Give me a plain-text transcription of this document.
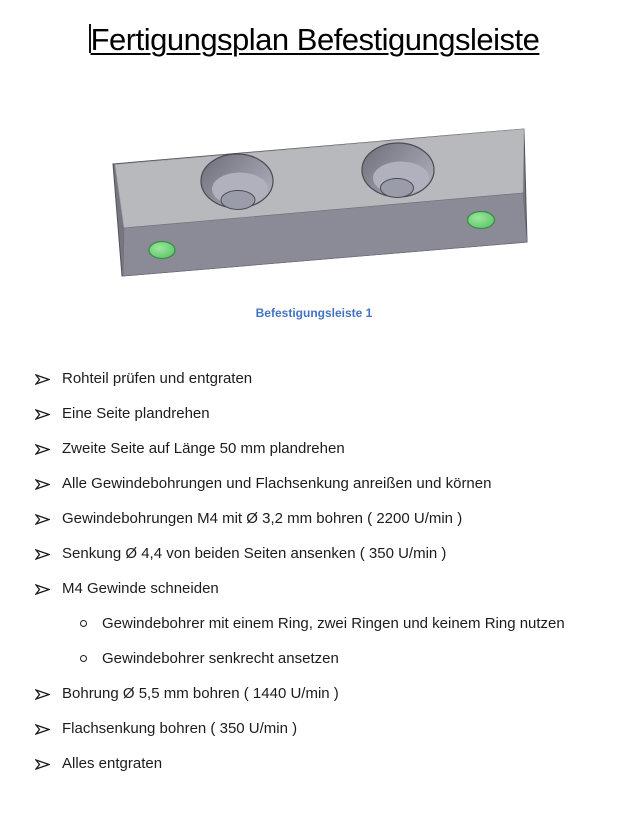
Fertigungsplan Befestigungsleiste
Befestigungsleiste 1
Rohteil prüfen und entgraten
Eine Seite plandrehen
Zweite Seite auf Länge 50 mm plandrehen
Alle Gewindebohrungen und Flachsenkung anreißen und körnen
Gewindebohrungen M4 mit Ø 3,2 mm bohren ( 2200 U/min )
Senkung Ø 4,4 von beiden Seiten ansenken ( 350 U/min )
M4 Gewinde schneiden
Gewindebohrer mit einem Ring, zwei Ringen und keinem Ring nutzen
Gewindebohrer senkrecht ansetzen
Bohrung Ø 5,5 mm bohren ( 1440 U/min )
Flachsenkung bohren ( 350 U/min )
Alles entgraten
